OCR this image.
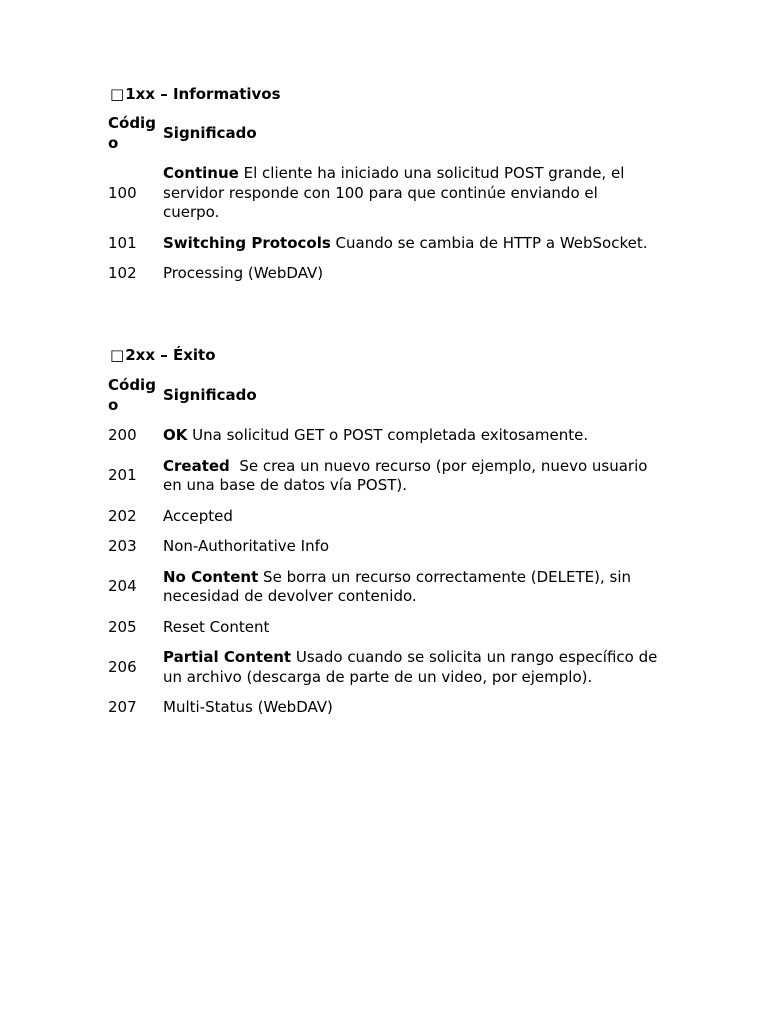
□ 1xx – Informativos
Códig o	Significado
100	Continue El cliente ha iniciado una solicitud POST grande, el servidor responde con 100 para que continúe enviando el cuerpo.
101	Switching Protocols Cuando se cambia de HTTP a WebSocket.
102	Processing (WebDAV)
□ 2xx – Éxito
Códig o	Significado
200	OK Una solicitud GET o POST completada exitosamente.
201	Created  Se crea un nuevo recurso (por ejemplo, nuevo usuario en una base de datos vía POST).
202	Accepted
203	Non-Authoritative Info
204	No Content Se borra un recurso correctamente (DELETE), sin necesidad de devolver contenido.
205	Reset Content
206	Partial Content Usado cuando se solicita un rango específico de un archivo (descarga de parte de un video, por ejemplo).
207	Multi-Status (WebDAV)
